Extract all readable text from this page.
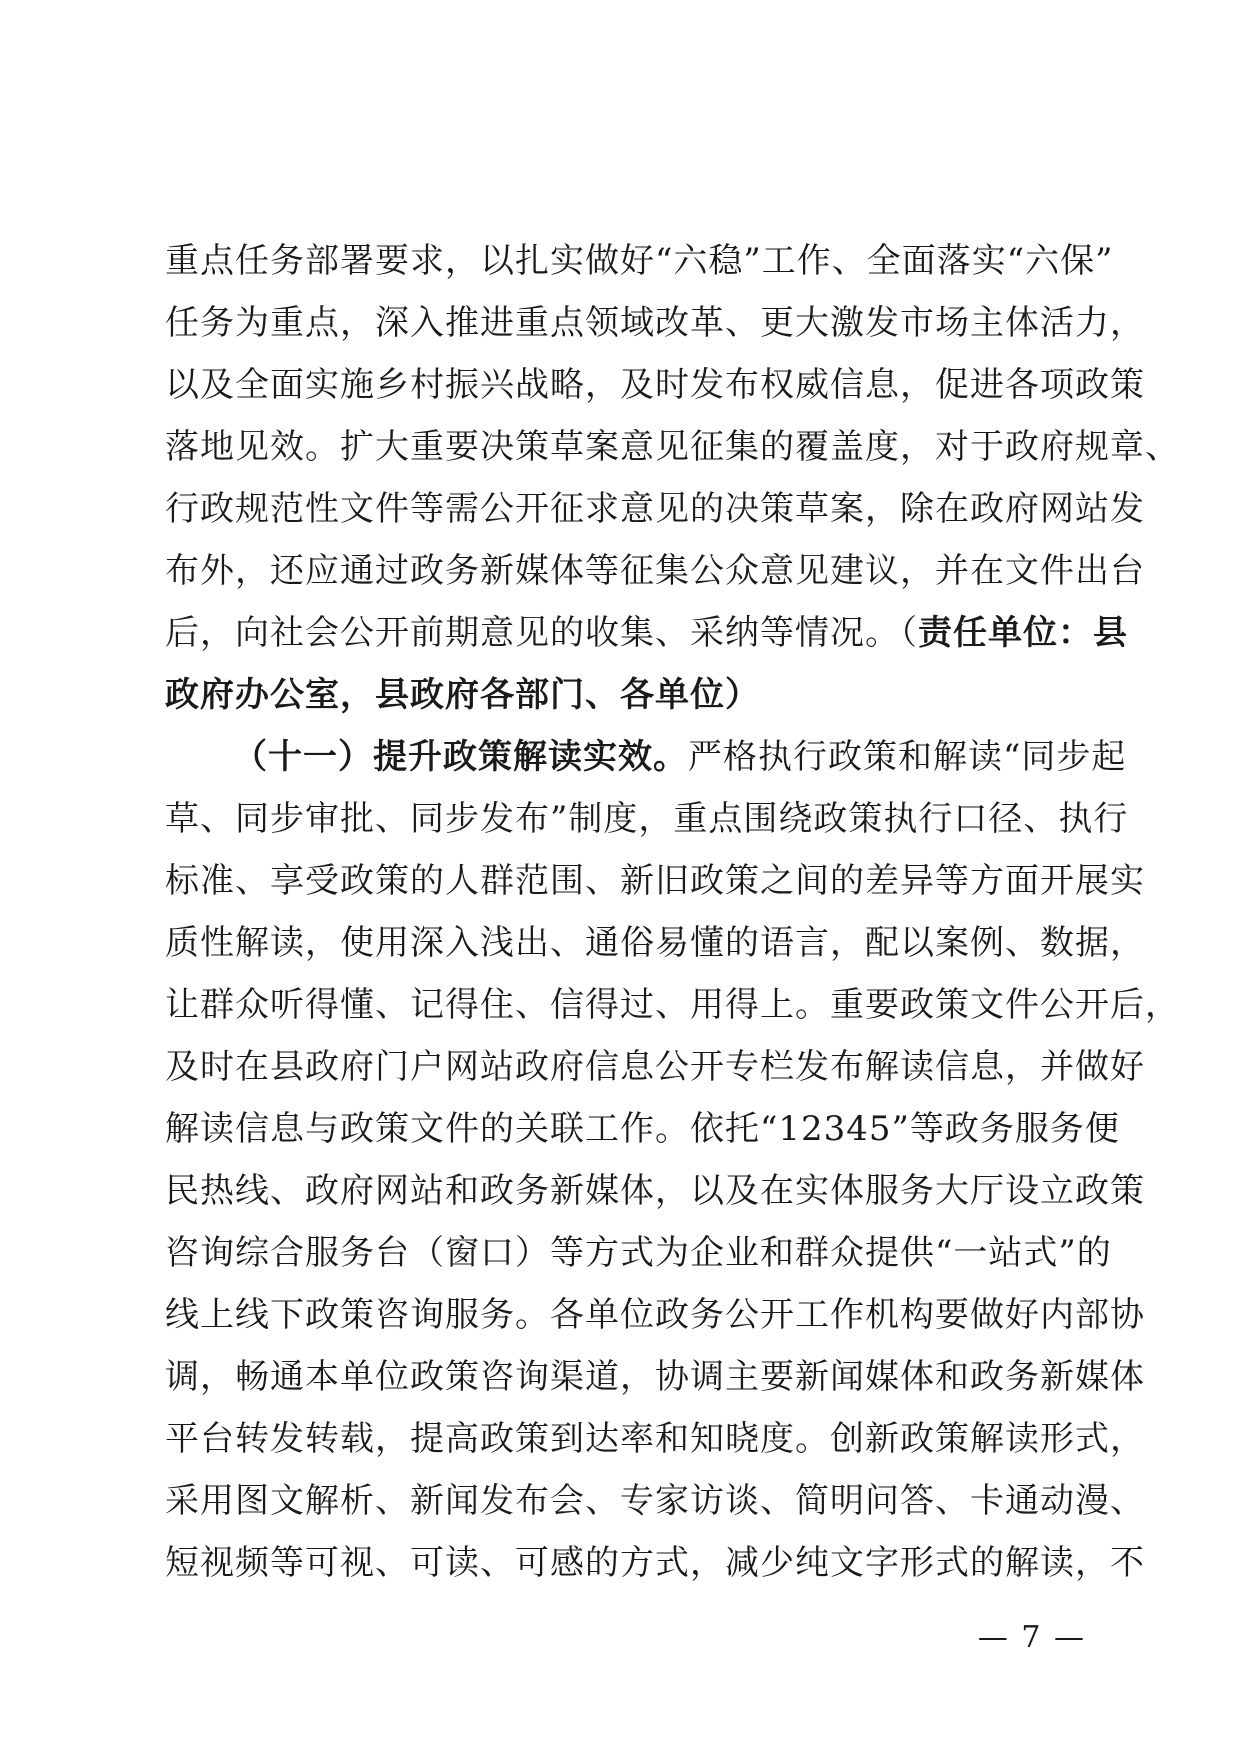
重点任务部署要求，以扎实做好“六稳”工作、全面落实“六保”
任务为重点，深入推进重点领域改革、更大激发市场主体活力，
以及全面实施乡村振兴战略，及时发布权威信息，促进各项政策
落地见效。扩大重要决策草案意见征集的覆盖度，对于政府规章、
行政规范性文件等需公开征求意见的决策草案，除在政府网站发
布外，还应通过政务新媒体等征集公众意见建议，并在文件出台
后，向社会公开前期意见的收集、采纳等情况。（责任单位：县
政府办公室，县政府各部门、各单位）
（十一）提升政策解读实效。严格执行政策和解读“同步起
草、同步审批、同步发布”制度，重点围绕政策执行口径、执行
标准、享受政策的人群范围、新旧政策之间的差异等方面开展实
质性解读，使用深入浅出、通俗易懂的语言，配以案例、数据，
让群众听得懂、记得住、信得过、用得上。重要政策文件公开后，
及时在县政府门户网站政府信息公开专栏发布解读信息，并做好
解读信息与政策文件的关联工作。依托“12345”等政务服务便
民热线、政府网站和政务新媒体，以及在实体服务大厅设立政策
咨询综合服务台（窗口）等方式为企业和群众提供“一站式”的
线上线下政策咨询服务。各单位政务公开工作机构要做好内部协
调，畅通本单位政策咨询渠道，协调主要新闻媒体和政务新媒体
平台转发转载，提高政策到达率和知晓度。创新政策解读形式，
采用图文解析、新闻发布会、专家访谈、简明问答、卡通动漫、
短视频等可视、可读、可感的方式，减少纯文字形式的解读，不
— 7 —
